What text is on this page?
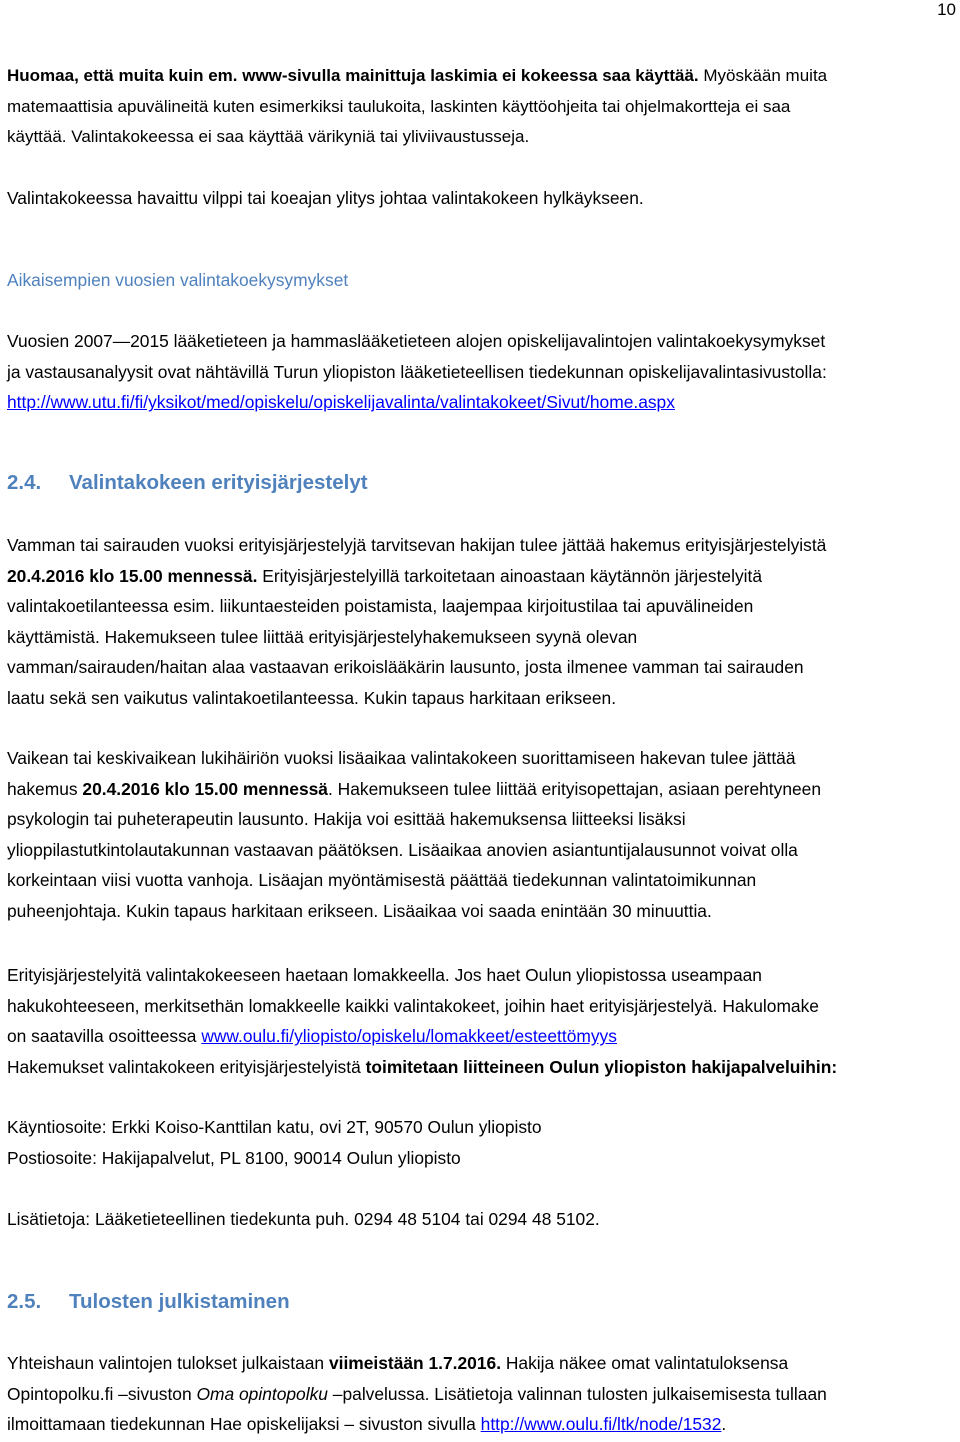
10
Huomaa, että muita kuin em. www-sivulla mainittuja laskimia ei kokeessa saa käyttää. Myöskään muita
matemaattisia apuvälineitä kuten esimerkiksi taulukoita, laskinten käyttöohjeita tai ohjelmakortteja ei saa
käyttää. Valintakokeessa ei saa käyttää värikyniä tai yliviivaustusseja.
Valintakokeessa havaittu vilppi tai koeajan ylitys johtaa valintakokeen hylkäykseen.
Aikaisempien vuosien valintakoekysymykset
Vuosien 2007—2015 lääketieteen ja hammaslääketieteen alojen opiskelijavalintojen valintakoekysymykset
ja vastausanalyysit ovat nähtävillä Turun yliopiston lääketieteellisen tiedekunnan opiskelijavalintasivustolla:
http://www.utu.fi/fi/yksikot/med/opiskelu/opiskelijavalinta/valintakokeet/Sivut/home.aspx
2.4. Valintakokeen erityisjärjestelyt
Vamman tai sairauden vuoksi erityisjärjestelyjä tarvitsevan hakijan tulee jättää hakemus erityisjärjestelyistä
20.4.2016 klo 15.00 mennessä. Erityisjärjestelyillä tarkoitetaan ainoastaan käytännön järjestelyitä
valintakoetilanteessa esim. liikuntaesteiden poistamista, laajempaa kirjoitustilaa tai apuvälineiden
käyttämistä. Hakemukseen tulee liittää erityisjärjestelyhakemukseen syynä olevan
vamman/sairauden/haitan alaa vastaavan erikoislääkärin lausunto, josta ilmenee vamman tai sairauden
laatu sekä sen vaikutus valintakoetilanteessa. Kukin tapaus harkitaan erikseen.
Vaikean tai keskivaikean lukihäiriön vuoksi lisäaikaa valintakokeen suorittamiseen hakevan tulee jättää
hakemus 20.4.2016 klo 15.00 mennessä. Hakemukseen tulee liittää erityisopettajan, asiaan perehtyneen
psykologin tai puheterapeutin lausunto. Hakija voi esittää hakemuksensa liitteeksi lisäksi
ylioppilastutkintolautakunnan vastaavan päätöksen. Lisäaikaa anovien asiantuntijalausunnot voivat olla
korkeintaan viisi vuotta vanhoja. Lisäajan myöntämisestä päättää tiedekunnan valintatoimikunnan
puheenjohtaja. Kukin tapaus harkitaan erikseen. Lisäaikaa voi saada enintään 30 minuuttia.
Erityisjärjestelyitä valintakokeeseen haetaan lomakkeella. Jos haet Oulun yliopistossa useampaan
hakukohteeseen, merkitsethän lomakkeelle kaikki valintakokeet, joihin haet erityisjärjestelyä. Hakulomake
on saatavilla osoitteessa www.oulu.fi/yliopisto/opiskelu/lomakkeet/esteettömyys
Hakemukset valintakokeen erityisjärjestelyistä toimitetaan liitteineen Oulun yliopiston hakijapalveluihin:
Käyntiosoite: Erkki Koiso-Kanttilan katu, ovi 2T, 90570 Oulun yliopisto
Postiosoite: Hakijapalvelut, PL 8100, 90014 Oulun yliopisto
Lisätietoja: Lääketieteellinen tiedekunta puh. 0294 48 5104 tai 0294 48 5102.
2.5. Tulosten julkistaminen
Yhteishaun valintojen tulokset julkaistaan viimeistään 1.7.2016. Hakija näkee omat valintatuloksensa
Opintopolku.fi –sivuston Oma opintopolku –palvelussa. Lisätietoja valinnan tulosten julkaisemisesta tullaan
ilmoittamaan tiedekunnan Hae opiskelijaksi – sivuston sivulla http://www.oulu.fi/ltk/node/1532.
